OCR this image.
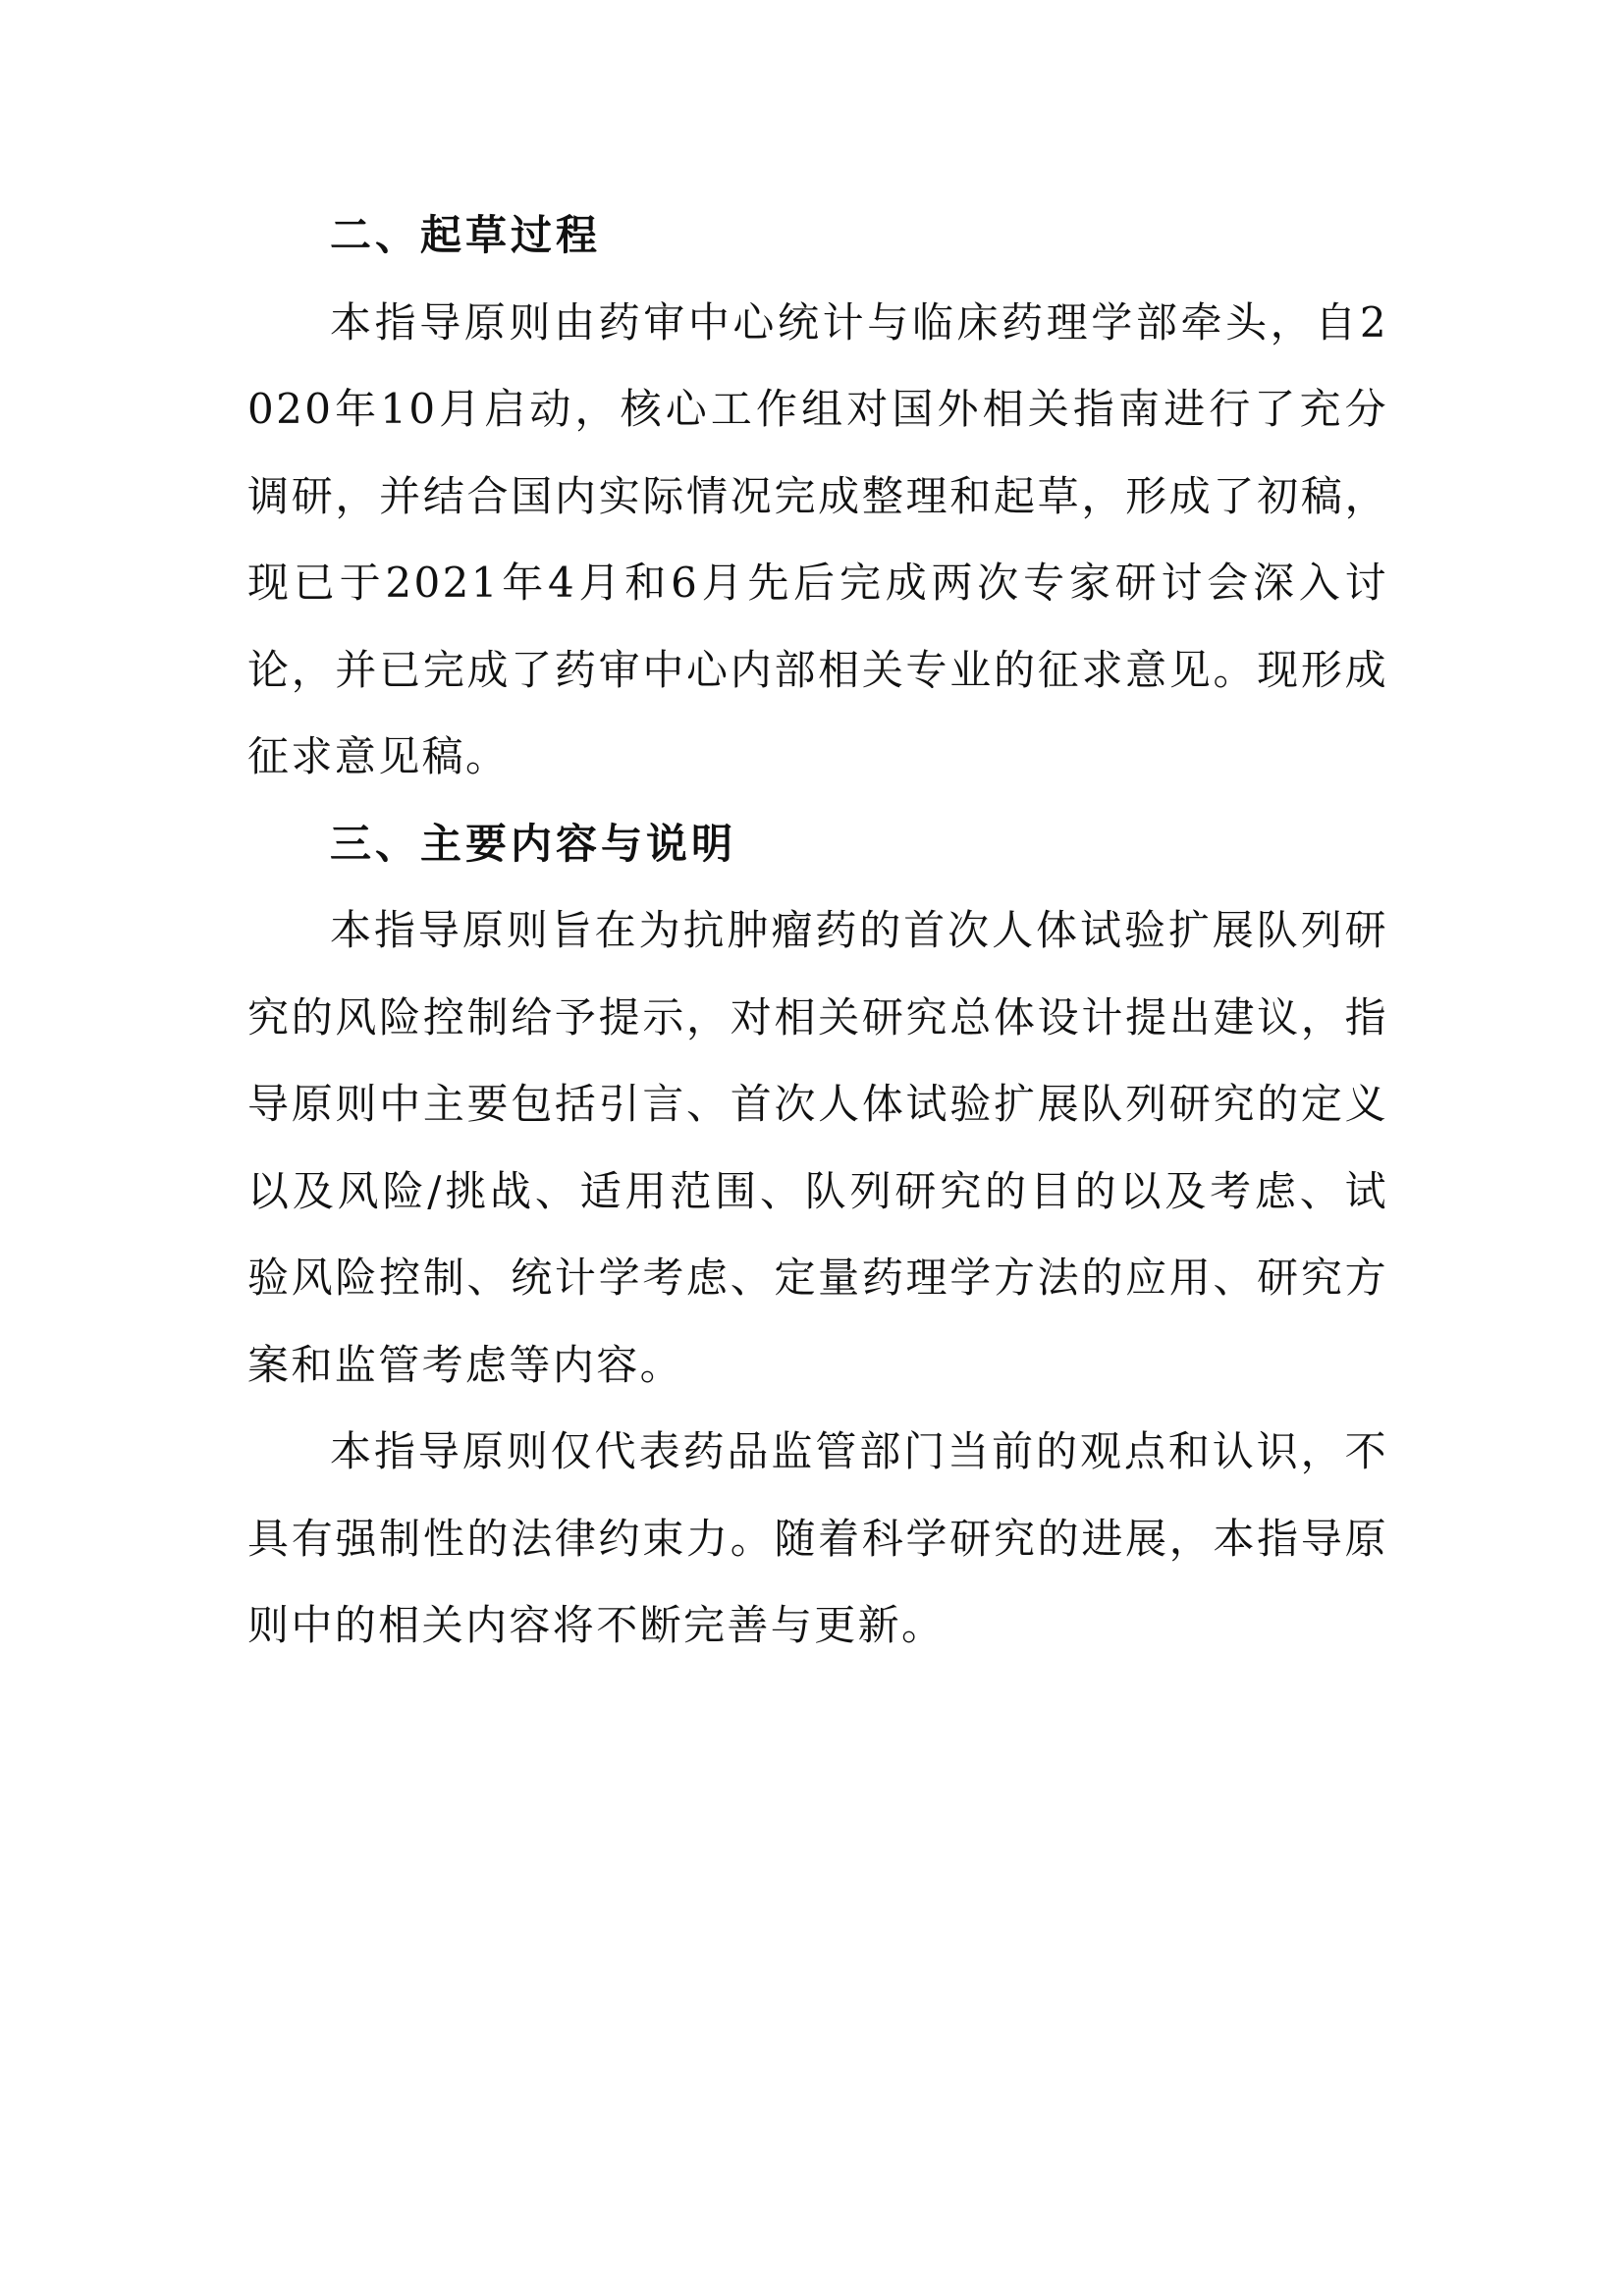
二、起草过程

本指导原则由药审中心统计与临床药理学部牵头，自2020年10月启动，核心工作组对国外相关指南进行了充分调研，并结合国内实际情况完成整理和起草，形成了初稿，现已于2021年4月和6月先后完成两次专家研讨会深入讨论，并已完成了药审中心内部相关专业的征求意见。现形成征求意见稿。

三、主要内容与说明

本指导原则旨在为抗肿瘤药的首次人体试验扩展队列研究的风险控制给予提示，对相关研究总体设计提出建议，指导原则中主要包括引言、首次人体试验扩展队列研究的定义以及风险/挑战、适用范围、队列研究的目的以及考虑、试验风险控制、统计学考虑、定量药理学方法的应用、研究方案和监管考虑等内容。

本指导原则仅代表药品监管部门当前的观点和认识，不具有强制性的法律约束力。随着科学研究的进展，本指导原则中的相关内容将不断完善与更新。
